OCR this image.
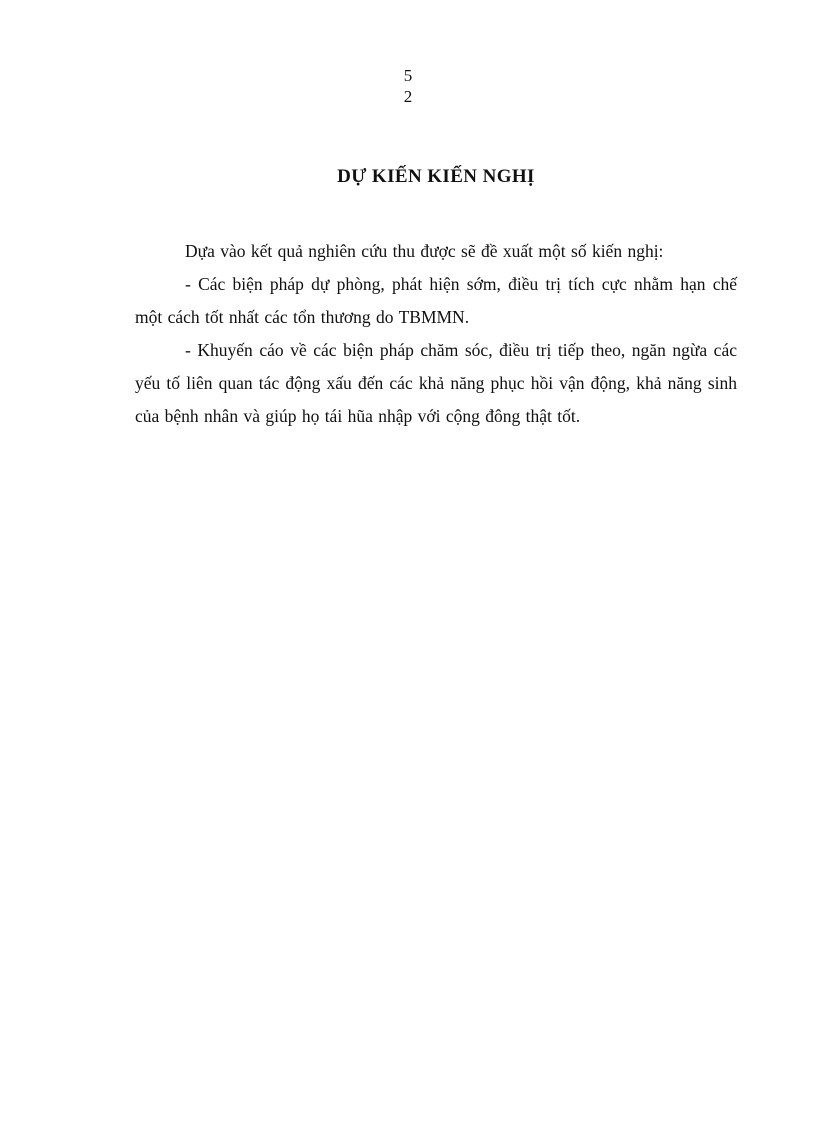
5
2
DỰ KIẾN KIẾN NGHỊ

Dựa vào kết quả nghiên cứu thu được sẽ đề xuất một số kiến nghị:

- Các biện pháp dự phòng, phát hiện sớm, điều trị tích cực nhằm hạn chế một cách tốt nhất các tổn thương do TBMMN.

- Khuyến cáo về các biện pháp chăm sóc, điều trị tiếp theo, ngăn ngừa các yếu tố liên quan tác động xấu đến các khả năng phục hồi vận động, khả năng sinh của bệnh nhân và giúp họ tái hũa nhập với cộng đông thật tốt.
